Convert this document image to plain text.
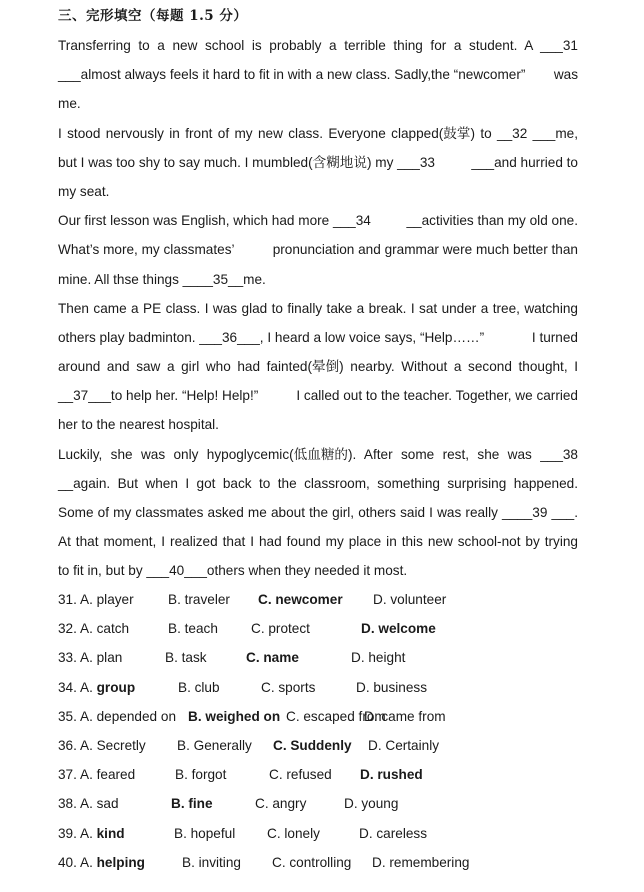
三、完形填空（每题 1.5 分）
Transferring to a new school is probably a terrible thing for a student. A ___31
___almost always feels it hard to fit in with a new class. Sadly,the “newcomer” was
me.
I stood nervously in front of my new class. Everyone clapped(鼓掌) to __32 ___me,
but I was too shy to say much. I mumbled(含糊地说) my ___33	___and hurried to
my seat.
Our first lesson was English, which had more ___34	__activities than my old one.
What’s more, my classmates’	pronunciation and grammar were much better than
mine. All thse things ____35__me.
Then came a PE class. I was glad to finally take a break. I sat under a tree, watching
others play badminton. ___36___, I heard a low voice says, “Help……”	I turned
around and saw a girl who had fainted(晕倒) nearby. Without a second thought, I
__37___to help her. “Help! Help!”	I called out to the teacher. Together, we carried
her to the nearest hospital.
Luckily, she was only hypoglycemic(低血糖的). After some rest, she was ___38
__again. But when I got back to the classroom, something surprising happened.
Some of my classmates asked me about the girl, others said I was really ____39 ___.
At that moment, I realized that I had found my place in this new school-not by trying
to fit in, but by ___40___others when they needed it most.
31. A. player	B. traveler C. newcomer D. volunteer
32. A. catch	B. teach C. protect	D. welcome
33. A. plan	B. task	C. name	D. height
34. A. group	B. club	C. sports	D. business
35. A. depended on B. weighed on C. escaped from
D. came from
36. A. Secretly B. Generally C. Suddenly D. Certainly
37. A. feared	B. forgot	C. refused D. rushed
38. A. sad	B. fine	C. angry	D. young
39. A. kind	B. hopeful C. lonely	D. careless
40. A. helping	B. inviting C. controlling D. remembering
